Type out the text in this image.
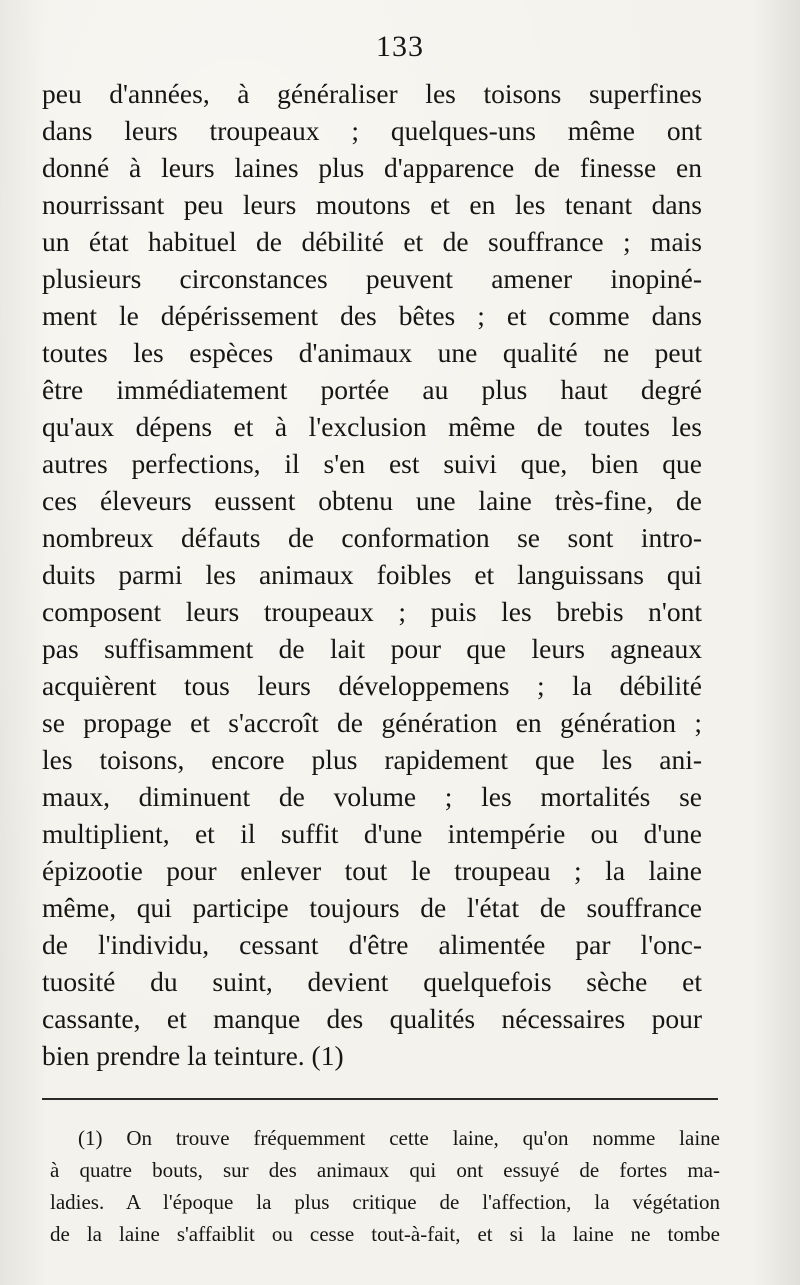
133
peu d'années, à généraliser les toisons superfines
dans leurs troupeaux ; quelques-uns même ont
donné à leurs laines plus d'apparence de finesse en
nourrissant peu leurs moutons et en les tenant dans
un état habituel de débilité et de souffrance ; mais
plusieurs circonstances peuvent amener inopiné-
ment le dépérissement des bêtes ; et comme dans
toutes les espèces d'animaux une qualité ne peut
être immédiatement portée au plus haut degré
qu'aux dépens et à l'exclusion même de toutes les
autres perfections, il s'en est suivi que, bien que
ces éleveurs eussent obtenu une laine très-fine, de
nombreux défauts de conformation se sont intro-
duits parmi les animaux foibles et languissans qui
composent leurs troupeaux ; puis les brebis n'ont
pas suffisamment de lait pour que leurs agneaux
acquièrent tous leurs développemens ; la débilité
se propage et s'accroît de génération en génération ;
les toisons, encore plus rapidement que les ani-
maux, diminuent de volume ; les mortalités se
multiplient, et il suffit d'une intempérie ou d'une
épizootie pour enlever tout le troupeau ; la laine
même, qui participe toujours de l'état de souffrance
de l'individu, cessant d'être alimentée par l'onc-
tuosité du suint, devient quelquefois sèche et
cassante, et manque des qualités nécessaires pour
bien prendre la teinture. (1)
(1) On trouve fréquemment cette laine, qu'on nomme laine
à quatre bouts, sur des animaux qui ont essuyé de fortes ma-
ladies. A l'époque la plus critique de l'affection, la végétation
de la laine s'affaiblit ou cesse tout-à-fait, et si la laine ne tombe
